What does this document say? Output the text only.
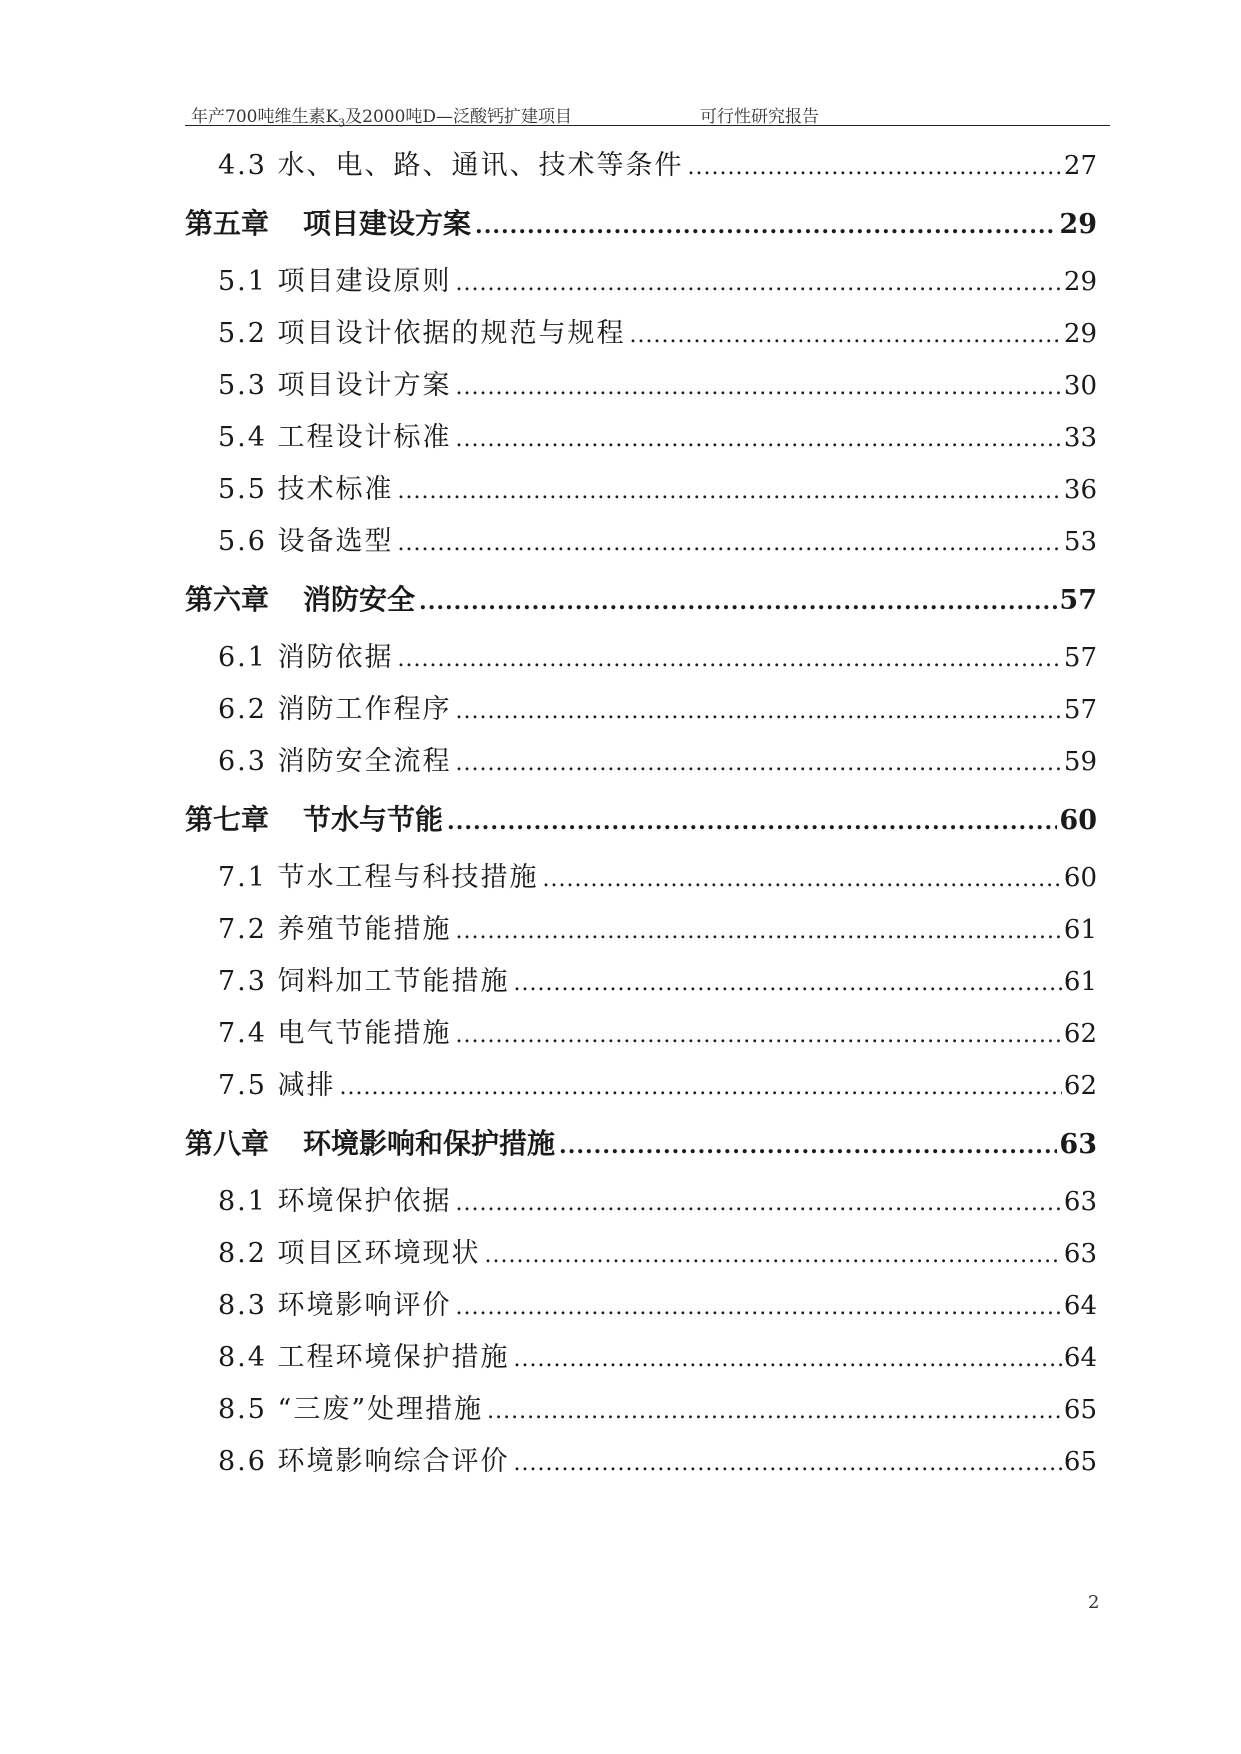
年产700吨维生素$K_3$及2000吨D—泛酸钙扩建项目	可行性研究报告
4.3 水、电、路、通讯、技术等条件 .....	27
第五章 项目建设方案 .....	29
5.1 项目建设原则 .....	29
5.2 项目设计依据的规范与规程 .....	29
5.3 项目设计方案 .....	30
5.4 工程设计标准 .....	33
5.5 技术标准 .....	36
5.6 设备选型 .....	53
第六章 消防安全 .....	57
6.1 消防依据 .....	57
6.2 消防工作程序 .....	57
6.3 消防安全流程 .....	59
第七章 节水与节能 .....	60
7.1 节水工程与科技措施 .....	60
7.2 养殖节能措施 .....	61
7.3 饲料加工节能措施 .....	61
7.4 电气节能措施 .....	62
7.5 减排 .....	62
第八章 环境影响和保护措施 .....	63
8.1 环境保护依据 .....	63
8.2 项目区环境现状 .....	63
8.3 环境影响评价 .....	64
8.4 工程环境保护措施 .....	64
8.5 “三废”处理措施 .....	65
8.6 环境影响综合评价 .....	65
2
